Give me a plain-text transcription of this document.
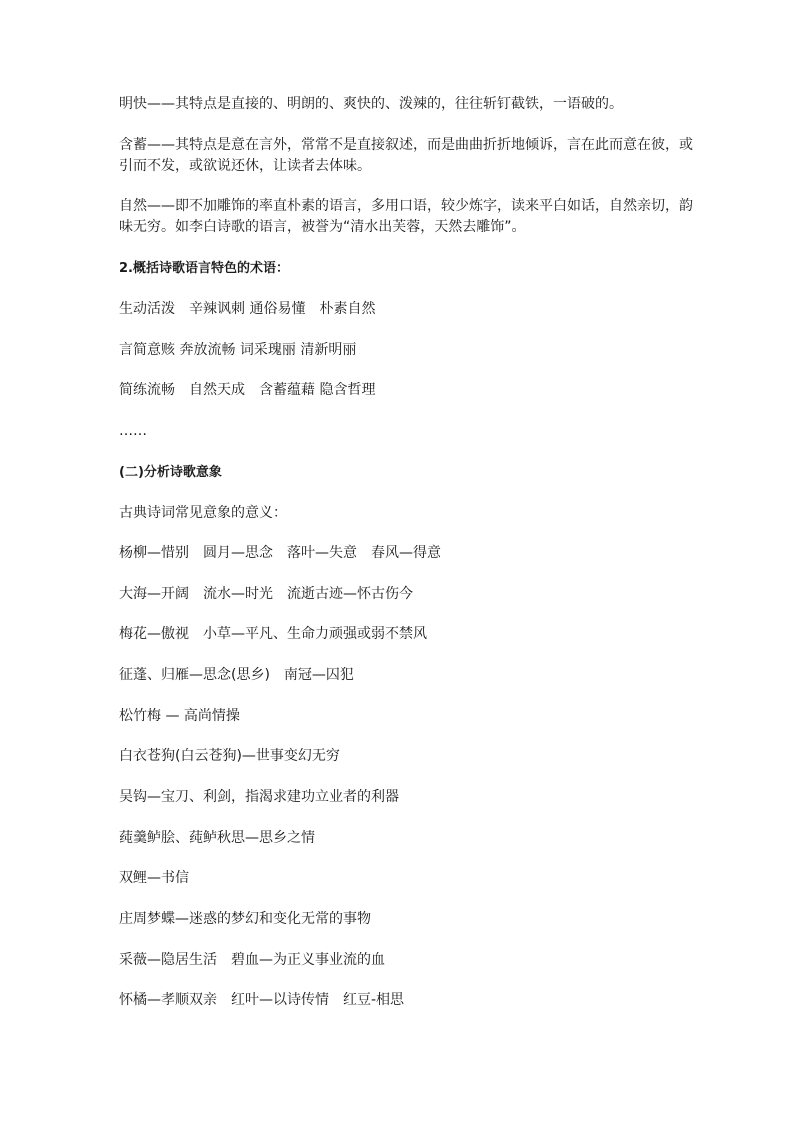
明快——其特点是直接的、明朗的、爽快的、泼辣的，往往斩钉截铁，一语破的。

含蓄——其特点是意在言外，常常不是直接叙述，而是曲曲折折地倾诉，言在此而意在彼，或引而不发，或欲说还休，让读者去体味。

自然——即不加雕饰的率直朴素的语言，多用口语，较少炼字，读来平白如话，自然亲切，韵味无穷。如李白诗歌的语言，被誉为“清水出芙蓉，天然去雕饰”。

2.概括诗歌语言特色的术语：

生动活泼　辛辣讽刺 通俗易懂　朴素自然

言简意赅 奔放流畅 词采瑰丽 清新明丽

简练流畅　自然天成　含蓄蕴藉 隐含哲理

……

(二)分析诗歌意象

古典诗词常见意象的意义：

杨柳—惜别　圆月—思念　落叶—失意　春风—得意

大海—开阔　流水—时光　流逝古迹—怀古伤今

梅花—傲视　小草—平凡、生命力顽强或弱不禁风

征蓬、归雁—思念(思乡)　南冠—囚犯

松竹梅 — 高尚情操

白衣苍狗(白云苍狗)—世事变幻无穷

吴钩—宝刀、利剑，指渴求建功立业者的利器

莼羹鲈脍、莼鲈秋思—思乡之情

双鲤—书信

庄周梦蝶—迷惑的梦幻和变化无常的事物

采薇—隐居生活　碧血—为正义事业流的血

怀橘—孝顺双亲　红叶—以诗传情　红豆-相思
